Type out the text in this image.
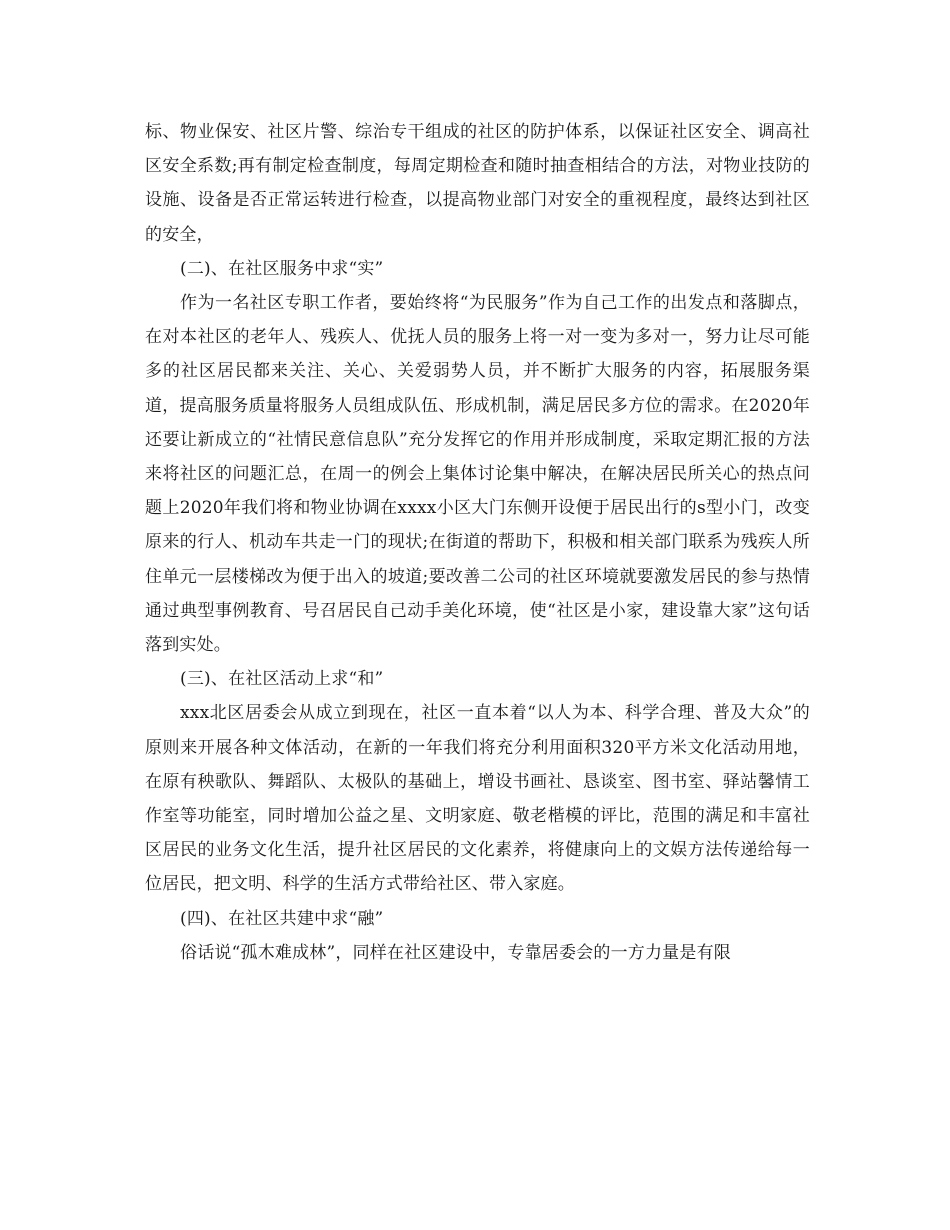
标、物业保安、社区片警、综治专干组成的社区的防护体系，以保证社区安全、调高社区安全系数;再有制定检查制度，每周定期检查和随时抽查相结合的方法，对物业技防的设施、设备是否正常运转进行检查，以提高物业部门对安全的重视程度，最终达到社区的安全，

(二)、在社区服务中求“实”

作为一名社区专职工作者，要始终将“为民服务”作为自己工作的出发点和落脚点，在对本社区的老年人、残疾人、优抚人员的服务上将一对一变为多对一，努力让尽可能多的社区居民都来关注、关心、关爱弱势人员，并不断扩大服务的内容，拓展服务渠道，提高服务质量将服务人员组成队伍、形成机制，满足居民多方位的需求。在2020年还要让新成立的“社情民意信息队”充分发挥它的作用并形成制度，采取定期汇报的方法来将社区的问题汇总，在周一的例会上集体讨论集中解决，在解决居民所关心的热点问题上2020年我们将和物业协调在xxxx小区大门东侧开设便于居民出行的s型小门，改变原来的行人、机动车共走一门的现状;在街道的帮助下，积极和相关部门联系为残疾人所住单元一层楼梯改为便于出入的坡道;要改善二公司的社区环境就要激发居民的参与热情通过典型事例教育、号召居民自己动手美化环境，使“社区是小家，建设靠大家”这句话落到实处。

(三)、在社区活动上求“和”

xxx北区居委会从成立到现在，社区一直本着“以人为本、科学合理、普及大众”的原则来开展各种文体活动，在新的一年我们将充分利用面积320平方米文化活动用地，在原有秧歌队、舞蹈队、太极队的基础上，增设书画社、恳谈室、图书室、驿站馨情工作室等功能室，同时增加公益之星、文明家庭、敬老楷模的评比，范围的满足和丰富社区居民的业务文化生活，提升社区居民的文化素养，将健康向上的文娱方法传递给每一位居民，把文明、科学的生活方式带给社区、带入家庭。

(四)、在社区共建中求“融”

俗话说“孤木难成林”，同样在社区建设中，专靠居委会的一方力量是有限
